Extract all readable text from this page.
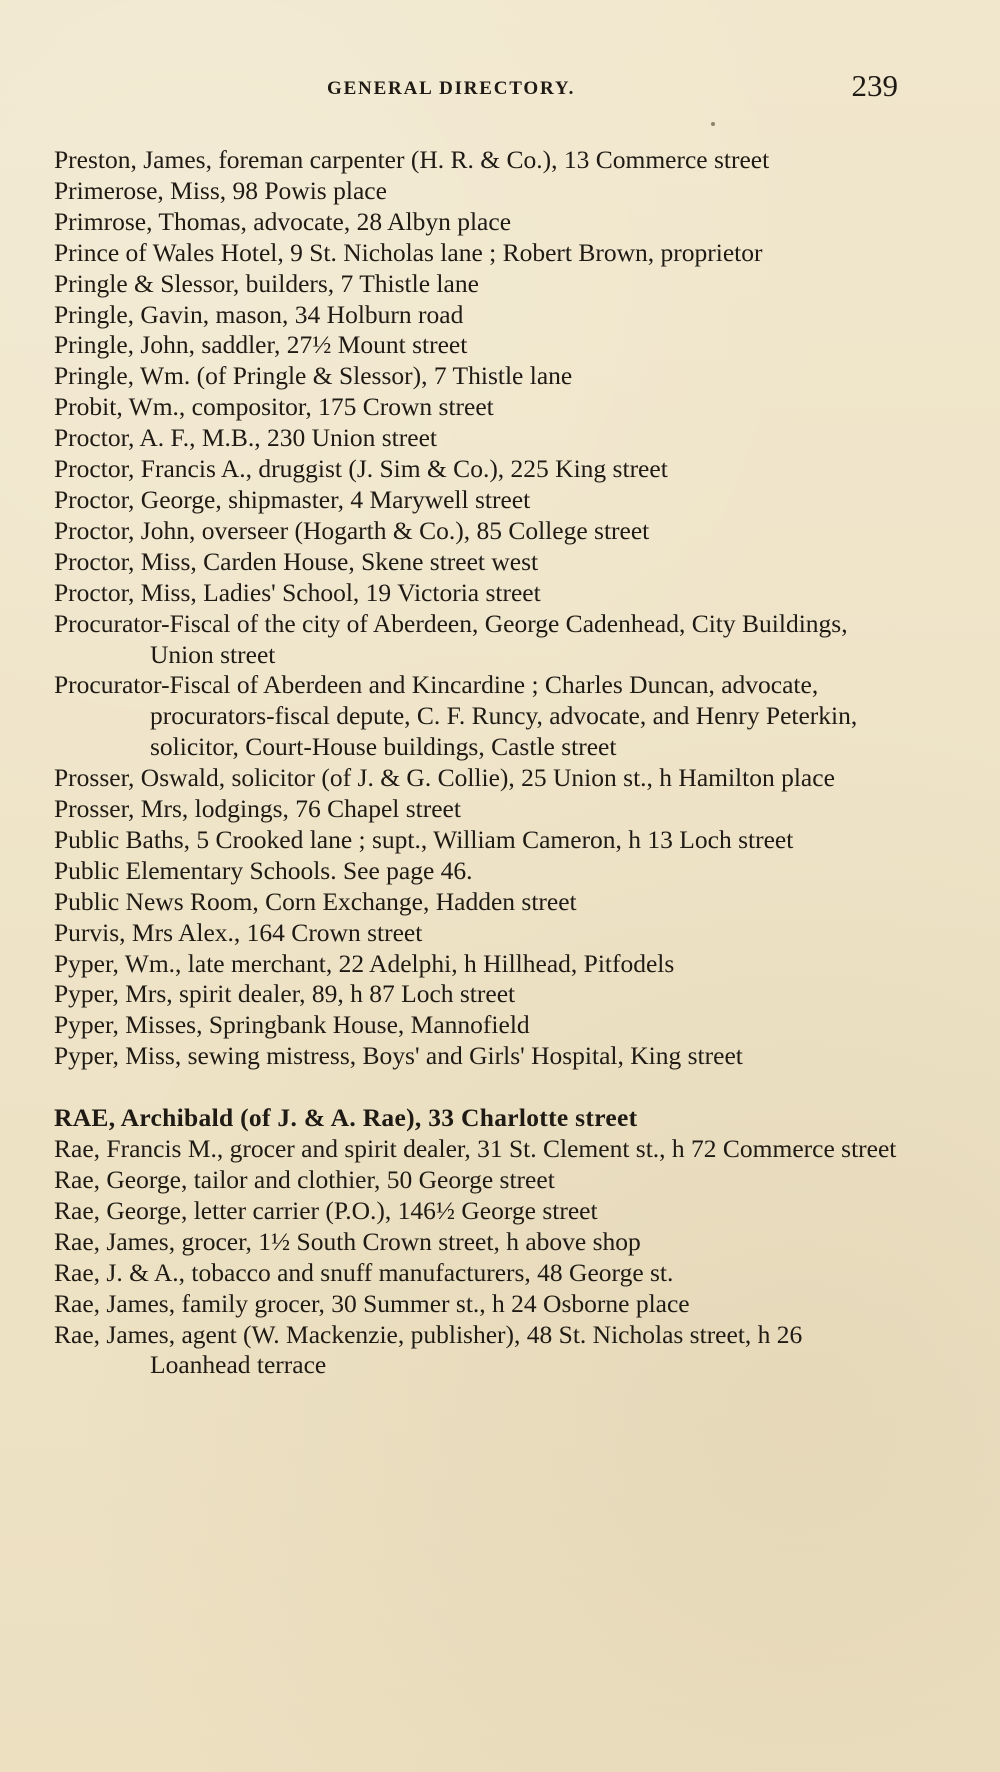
GENERAL DIRECTORY.	239

Preston, James, foreman carpenter (H. R. & Co.), 13 Commerce street

Primerose, Miss, 98 Powis place

Primrose, Thomas, advocate, 28 Albyn place

Prince of Wales Hotel, 9 St. Nicholas lane ; Robert Brown, proprietor

Pringle & Slessor, builders, 7 Thistle lane

Pringle, Gavin, mason, 34 Holburn road

Pringle, John, saddler, 27½ Mount street

Pringle, Wm. (of Pringle & Slessor), 7 Thistle lane

Probit, Wm., compositor, 175 Crown street

Proctor, A. F., M.B., 230 Union street

Proctor, Francis A., druggist (J. Sim & Co.), 225 King street

Proctor, George, shipmaster, 4 Marywell street

Proctor, John, overseer (Hogarth & Co.), 85 College street

Proctor, Miss, Carden House, Skene street west

Proctor, Miss, Ladies' School, 19 Victoria street

Procurator-Fiscal of the city of Aberdeen, George Cadenhead, City Buildings, Union street

Procurator-Fiscal of Aberdeen and Kincardine ; Charles Duncan, advocate, procurators-fiscal depute, C. F. Runcy, advocate, and Henry Peterkin, solicitor, Court-House buildings, Castle street

Prosser, Oswald, solicitor (of J. & G. Collie), 25 Union st., h Hamilton place

Prosser, Mrs, lodgings, 76 Chapel street

Public Baths, 5 Crooked lane ; supt., William Cameron, h 13 Loch street

Public Elementary Schools. See page 46.

Public News Room, Corn Exchange, Hadden street

Purvis, Mrs Alex., 164 Crown street

Pyper, Wm., late merchant, 22 Adelphi, h Hillhead, Pitfodels

Pyper, Mrs, spirit dealer, 89, h 87 Loch street

Pyper, Misses, Springbank House, Mannofield

Pyper, Miss, sewing mistress, Boys' and Girls' Hospital, King street

RAE, Archibald (of J. & A. Rae), 33 Charlotte street

Rae, Francis M., grocer and spirit dealer, 31 St. Clement st., h 72 Commerce street

Rae, George, tailor and clothier, 50 George street

Rae, George, letter carrier (P.O.), 146½ George street

Rae, James, grocer, 1½ South Crown street, h above shop

Rae, J. & A., tobacco and snuff manufacturers, 48 George st.

Rae, James, family grocer, 30 Summer st., h 24 Osborne place

Rae, James, agent (W. Mackenzie, publisher), 48 St. Nicholas street, h 26 Loanhead terrace
